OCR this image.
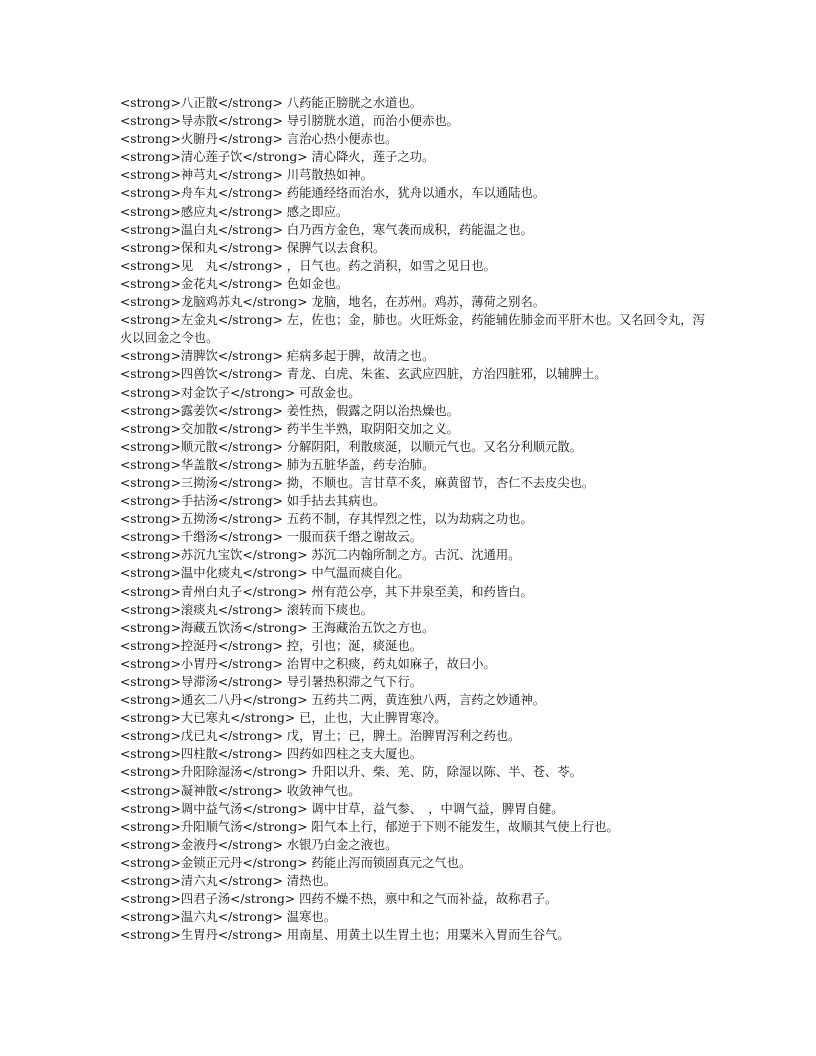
<strong>八正散</strong> 八药能正膀胱之水道也。

<strong>导赤散</strong> 导引膀胱水道，而治小便赤也。

<strong>火腑丹</strong> 言治心热小便赤也。

<strong>清心莲子饮</strong> 清心降火，莲子之功。

<strong>神芎丸</strong> 川芎散热如神。

<strong>舟车丸</strong> 药能通经络而治水，犹舟以通水，车以通陆也。

<strong>感应丸</strong> 感之即应。

<strong>温白丸</strong> 白乃西方金色，寒气袭而成积，药能温之也。

<strong>保和丸</strong> 保脾气以去食积。

<strong>见　丸</strong> ，日气也。药之消积，如雪之见日也。

<strong>金花丸</strong> 色如金也。

<strong>龙脑鸡苏丸</strong> 龙脑，地名，在苏州。鸡苏，薄荷之别名。

<strong>左金丸</strong> 左，佐也；金，肺也。火旺烁金，药能辅佐肺金而平肝木也。又名回令丸，泻火以回金之令也。

<strong>清脾饮</strong> 疟病多起于脾，故清之也。

<strong>四兽饮</strong> 青龙、白虎、朱雀、玄武应四脏，方治四脏邪，以辅脾土。

<strong>对金饮子</strong> 可敌金也。

<strong>露姜饮</strong> 姜性热，假露之阴以治热燥也。

<strong>交加散</strong> 药半生半熟，取阴阳交加之义。

<strong>顺元散</strong> 分解阴阳，利散痰涎，以顺元气也。又名分利顺元散。

<strong>华盖散</strong> 肺为五脏华盖，药专治肺。

<strong>三拗汤</strong> 拗，不顺也。言甘草不炙，麻黄留节，杏仁不去皮尖也。

<strong>手拈汤</strong> 如手拈去其病也。

<strong>五拗汤</strong> 五药不制，存其悍烈之性，以为劫病之功也。

<strong>千缗汤</strong> 一服而获千缗之谢故云。

<strong>苏沉九宝饮</strong> 苏沉二内翰所制之方。古沉、沈通用。

<strong>温中化痰丸</strong> 中气温而痰自化。

<strong>青州白丸子</strong> 州有范公亭，其下井泉至美，和药皆白。

<strong>滚痰丸</strong> 滚转而下痰也。

<strong>海藏五饮汤</strong> 王海藏治五饮之方也。

<strong>控涎丹</strong> 控，引也；涎，痰涎也。

<strong>小胃丹</strong> 治胃中之积痰，药丸如麻子，故曰小。

<strong>导滞汤</strong> 导引暑热积滞之气下行。

<strong>通玄二八丹</strong> 五药共二两，黄连独八两，言药之妙通神。

<strong>大已寒丸</strong> 已，止也，大止脾胃寒冷。

<strong>戊已丸</strong> 戊，胃土；已，脾土。治脾胃泻利之药也。

<strong>四柱散</strong> 四药如四柱之支大厦也。

<strong>升阳除湿汤</strong> 升阳以升、柴、羌、防，除湿以陈、半、苍、苓。

<strong>凝神散</strong> 收敛神气也。

<strong>调中益气汤</strong> 调中甘草，益气参、　，中调气益，脾胃自健。

<strong>升阳顺气汤</strong> 阳气本上行，郁逆于下则不能发生，故顺其气使上行也。

<strong>金液丹</strong> 水银乃白金之液也。

<strong>金锁正元丹</strong> 药能止泻而锁固真元之气也。

<strong>清六丸</strong> 清热也。

<strong>四君子汤</strong> 四药不燥不热，禀中和之气而补益，故称君子。

<strong>温六丸</strong> 温寒也。

<strong>生胃丹</strong> 用南星、用黄土以生胃土也；用粟米入胃而生谷气。
